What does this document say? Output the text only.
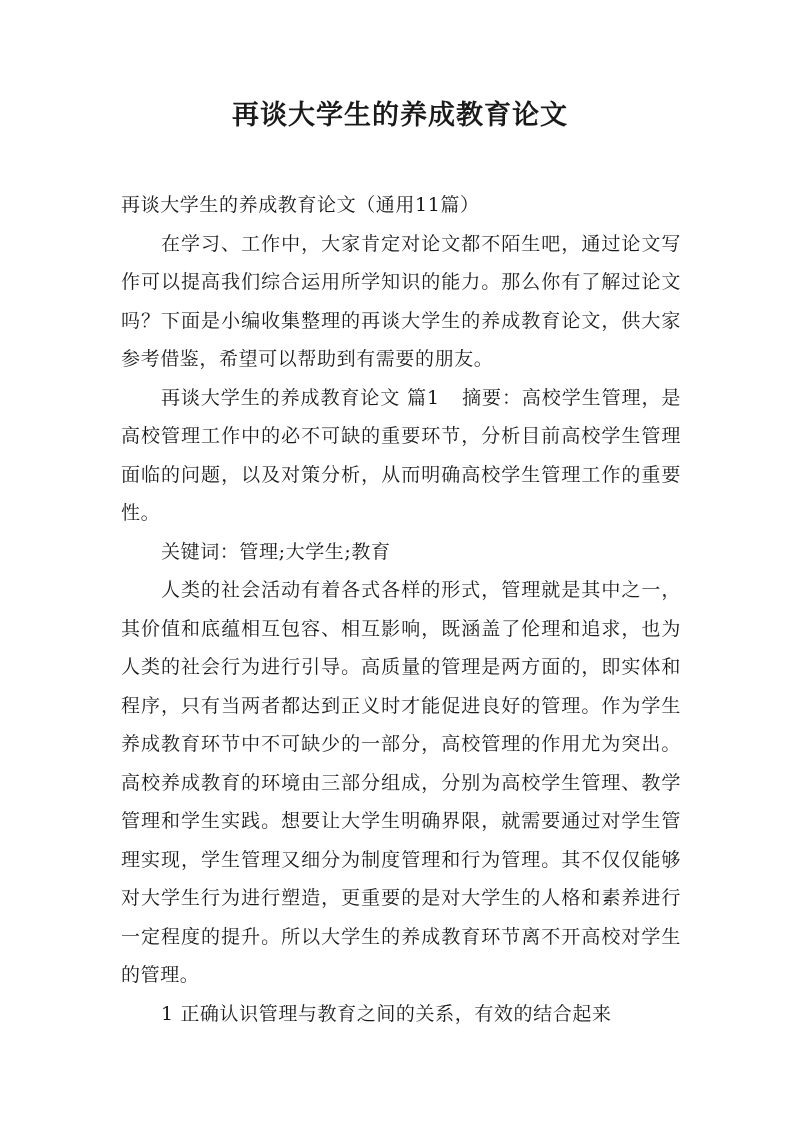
再谈大学生的养成教育论文

再谈大学生的养成教育论文（通用11篇）

在学习、工作中，大家肯定对论文都不陌生吧，通过论文写作可以提高我们综合运用所学知识的能力。那么你有了解过论文吗？下面是小编收集整理的再谈大学生的养成教育论文，供大家参考借鉴，希望可以帮助到有需要的朋友。

再谈大学生的养成教育论文 篇1 摘要：高校学生管理，是高校管理工作中的必不可缺的重要环节，分析目前高校学生管理面临的问题，以及对策分析，从而明确高校学生管理工作的重要性。

关键词：管理;大学生;教育

人类的社会活动有着各式各样的形式，管理就是其中之一，其价值和底蕴相互包容、相互影响，既涵盖了伦理和追求，也为人类的社会行为进行引导。高质量的管理是两方面的，即实体和程序，只有当两者都达到正义时才能促进良好的管理。作为学生养成教育环节中不可缺少的一部分，高校管理的作用尤为突出。高校养成教育的环境由三部分组成，分别为高校学生管理、教学管理和学生实践。想要让大学生明确界限，就需要通过对学生管理实现，学生管理又细分为制度管理和行为管理。其不仅仅能够对大学生行为进行塑造，更重要的是对大学生的人格和素养进行一定程度的提升。所以大学生的养成教育环节离不开高校对学生的管理。

1 正确认识管理与教育之间的关系，有效的结合起来
